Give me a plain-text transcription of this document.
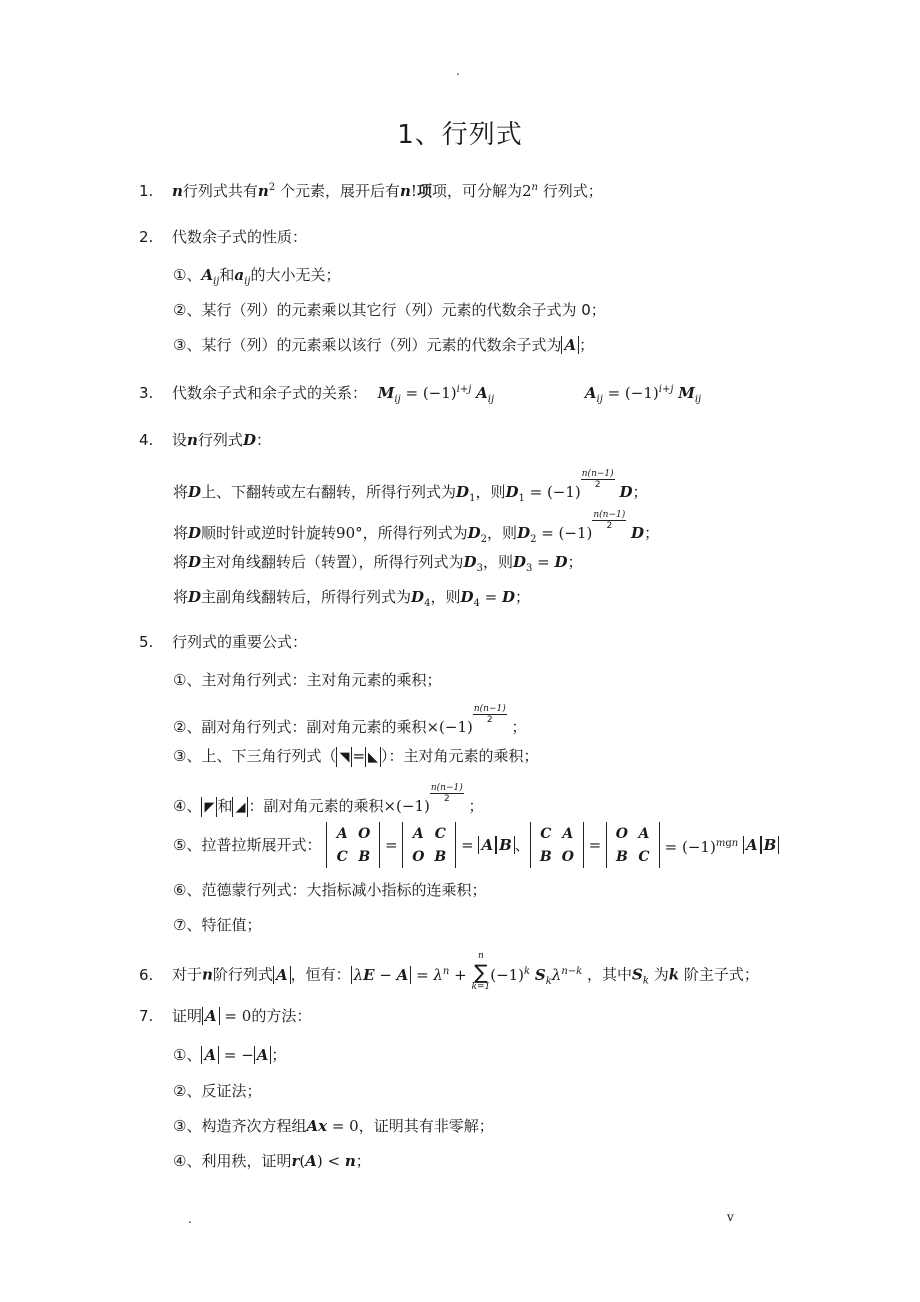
.
1、行列式
1. n行列式共有$n^2$ 个元素，展开后有n!项项，可分解为2$^n$ 行列式；
2. 代数余子式的性质：
①、$A_{ij}$和$a_{ij}$的大小无关；
②、某行（列）的元素乘以其它行（列）元素的代数余子式为 0；
③、某行（列）的元素乘以该行（列）元素的代数余子式为 A ；
3. 代数余子式和余子式的关系： $M_{ij} = (-1)^{i+j}$ $A_{ij}$	$A_{ij} = (-1)^{i+j}$ $M_{ij}$
4. 设n行列式D：
将D上、下翻转或左右翻转，所得行列式为$D_1$，则$D_1 = (-1)$
$\frac{n(n-1)}{2}$
D；
将D顺时针或逆时针旋转90°，所得行列式为$D_2$，则$D_2 = (-1)$
$\frac{n(n-1)}{2}$
D；
将D主对角线翻转后（转置），所得行列式为$D_3$，则$D_3 = D$；
将D主副角线翻转后，所得行列式为$D_4$，则$D_4 = D$；
5. 行列式的重要公式：
①、主对角行列式：主对角元素的乘积；
②、副对角行列式：副对角元素的乘积×(−1)
$\frac{n(n-1)}{2}$
；
③、上、下三角行列式（ ◥ = ◣ ）：主对角元素的乘积；
④、 ◤ 和 ◢ ：副对角元素的乘积×(−1)
$\frac{n(n-1)}{2}$
；
⑤、拉普拉斯展开式：
A O
C B
=
A C
O B
= A B 、
C A
B O
=
O A
B C
= $(-1)^{mgn}$ A B
⑥、范德蒙行列式：大指标减小指标的连乘积；
⑦、特征值；
6. 对于n阶行列式 A ，恒有： $\lambda E - A = \lambda^n$ +
n
∑
k=1
$(-1)^k$ $S_k\lambda^{n-k}$ ，其中$S_k$ 为k 阶主子式；
7. 证明 A = 0的方法：
①、 A = − A ；
②、反证法；
③、构造齐次方程组Ax = 0，证明其有非零解；
④、利用秩，证明r(A) < n；
.	v
